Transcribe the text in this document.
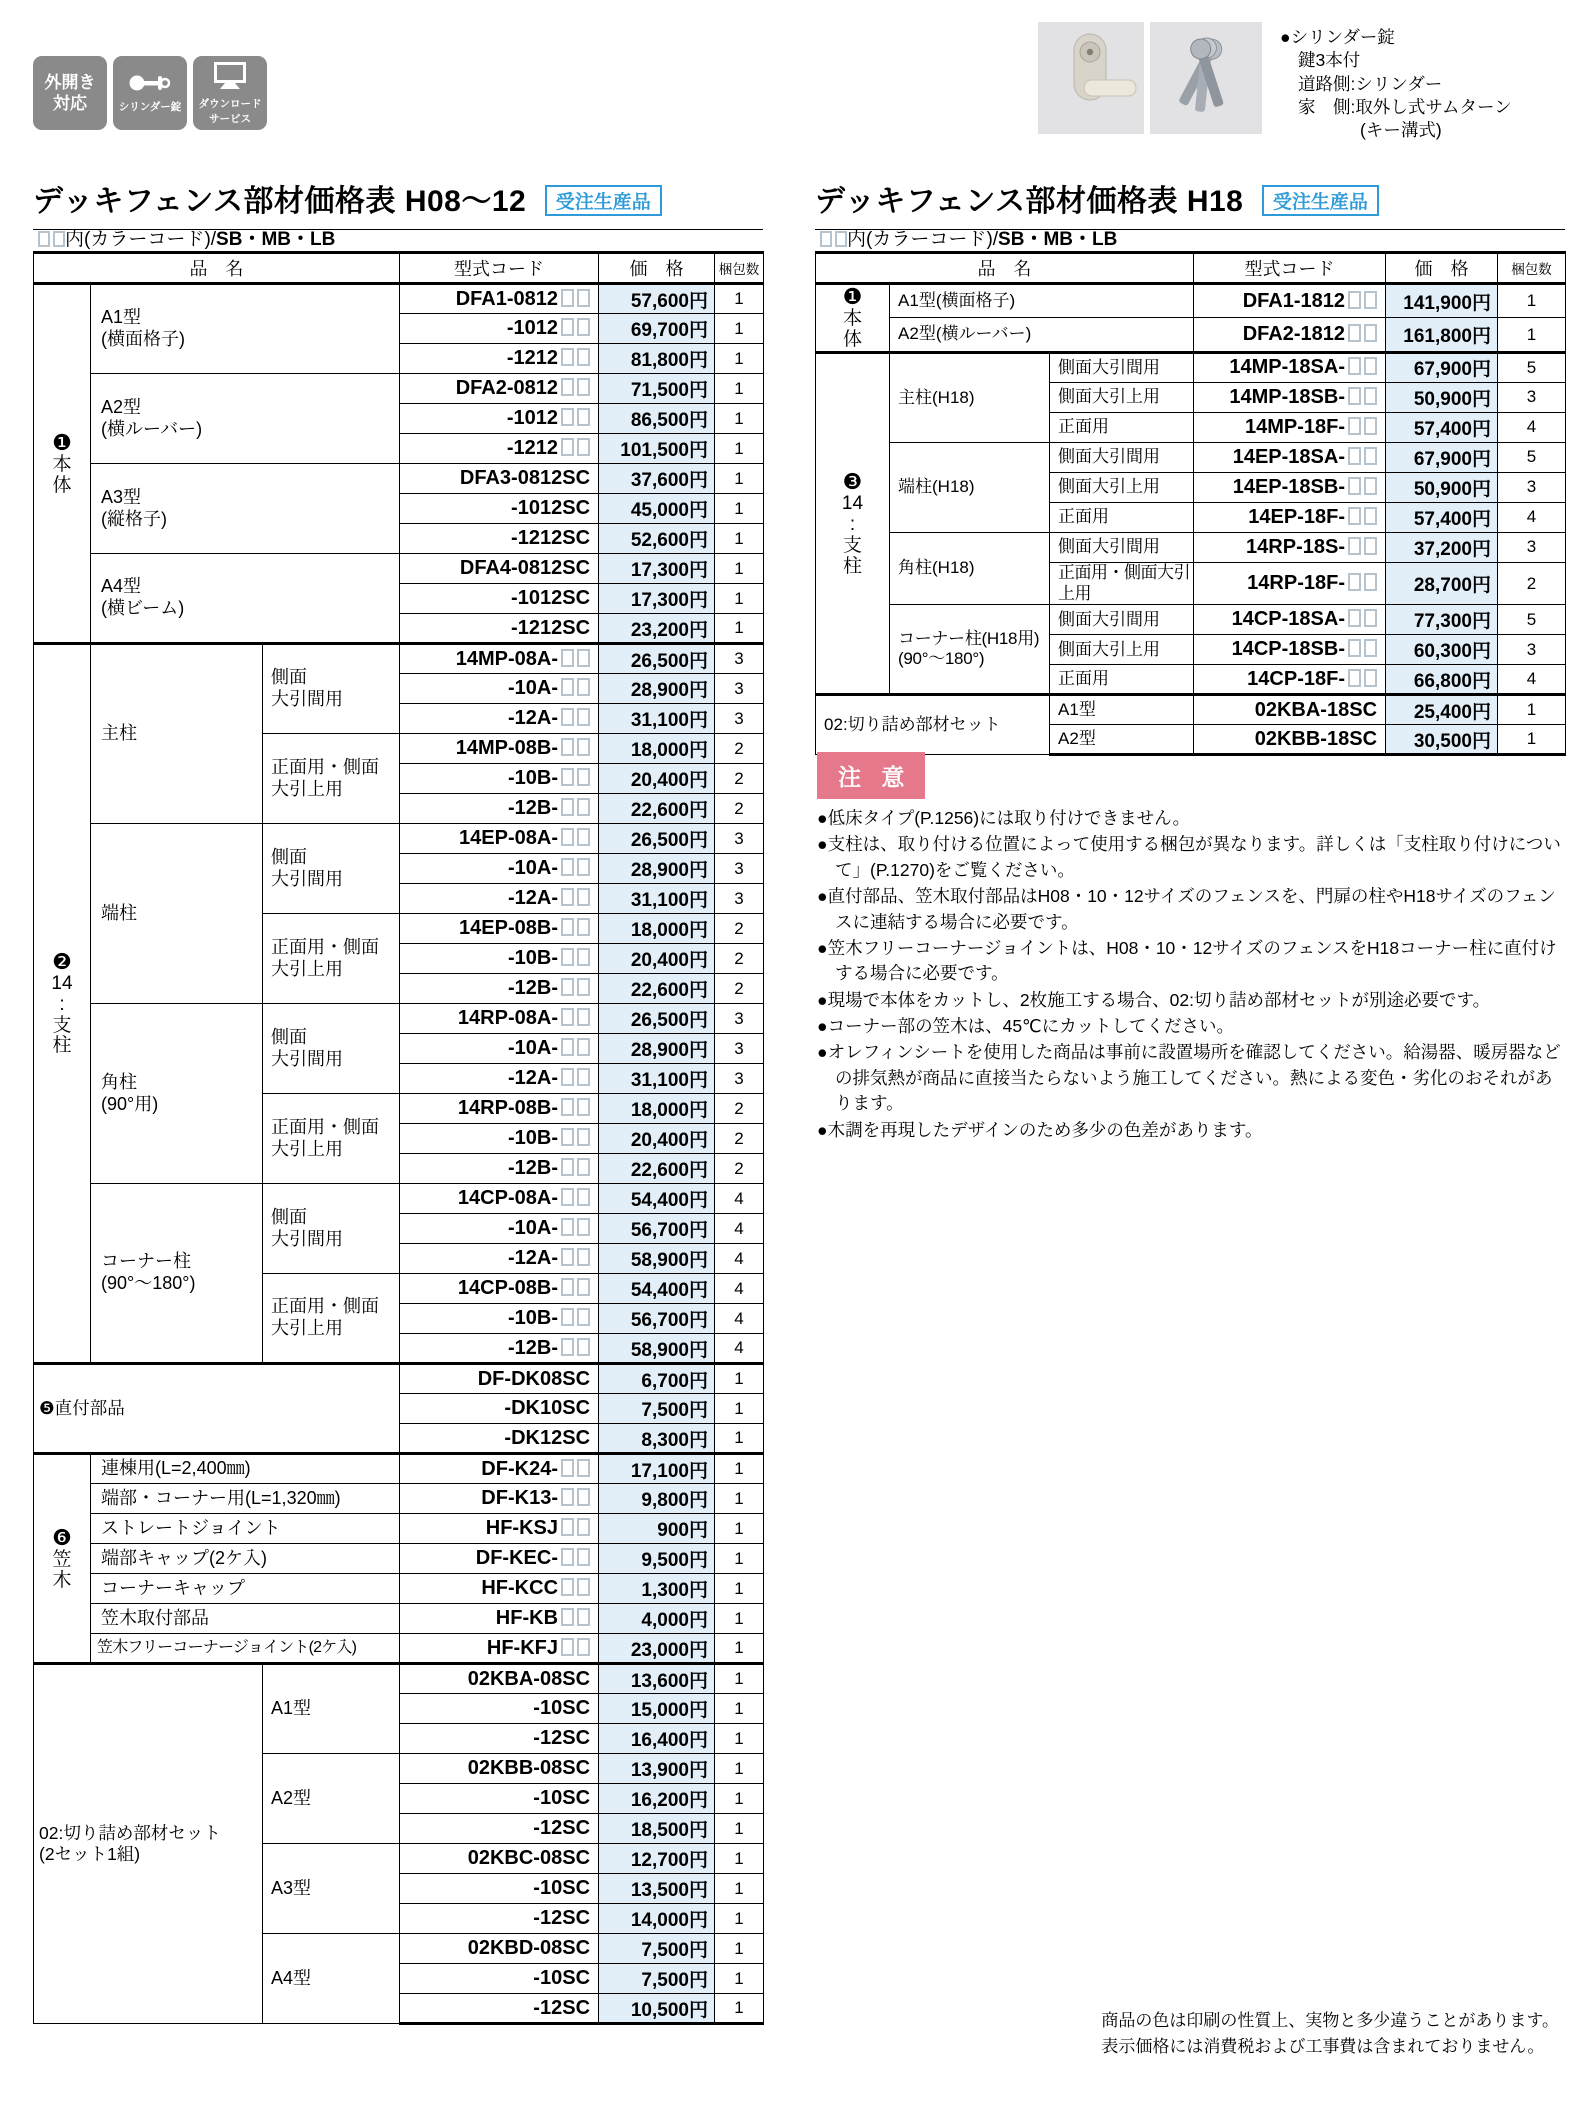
外開き
対応	シリンダー錠 ダウンロード
サービス
デッキフェンス部材価格表 H08〜12 受注生産品
内(カラーコード)/SB・MB・LB
品　 名			型式コード	価　 格	梱包数

❶
本
体

A1型
(横面格子)
	DFA1-0812	57,600円	1
			-1012	69,700円	1
			-1212	81,800円	1

	A2型
(横ルーバー)		DFA2-0812	71,500円	1
			-1012	86,500円	1
			-1212	101,500円	1

	A3型
(縦格子)		DFA3-0812SC	37,600円	1
			-1012SC	45,000円	1
			-1212SC	52,600円	1

	A4型
(横ビーム)		DFA4-0812SC	17,300円	1
			-1012SC	17,300円	1
			-1212SC	23,200円	1

❷
14
:
支
柱
	主柱	
側面
大引間用
	14MP-08A-	26,500円	3
			-10A-	28,900円	3
			-12A-	31,100円	3

		正面用・側面
大引上用	14MP-08B-	18,000円	2
			-10B-	20,400円	2
			-12B-	22,600円	2
	端柱	側面
大引間用	14EP-08A-	26,500円	3
			-10A-	28,900円	3
			-12A-	31,100円	3

		正面用・側面
大引上用	14EP-08B-	18,000円	2
			-10B-	20,400円	2
			-12B-	22,600円	2

角柱
(90°用)

側面
大引間用
	14RP-08A-	26,500円	3
			-10A-	28,900円	3
			-12A-	31,100円	3

		正面用・側面
大引上用	14RP-08B-	18,000円	2
			-10B-	20,400円	2
			-12B-	22,600円	2

コーナー柱
(90°〜180°)

側面
大引間用
	14CP-08A-	54,400円	4
			-10A-	56,700円	4
			-12A-	58,900円	4

		正面用・側面
大引上用	14CP-08B-	54,400円	4
			-10B-	56,700円	4
			-12B-	58,900円	4
❺直付部品			DF-DK08SC	6,700円	1
			-DK10SC	7,500円	1
			-DK12SC	8,300円	1

❻
笠
木	連棟用(L=2,400㎜)		DF-K24-	17,100円	1
	端部・コーナー用(L=1,320㎜)		DF-K13-	9,800円	1
	ストレートジョイント		HF-KSJ	900円	1
	端部キャップ(2ケ入)		DF-KEC-	9,500円	1
	コーナーキャップ		HF-KCC	1,300円	1
	笠木取付部品		HF-KB	4,000円	1
	笠木フリーコーナージョイント(2ケ入)		HF-KFJ	23,000円	1

02:切り詰め部材セット
(2セット1組)		A1型	02KBA-08SC	13,600円	1
			-10SC	15,000円	1
			-12SC	16,400円	1
		A2型	02KBB-08SC	13,900円	1
			-10SC	16,200円	1
			-12SC	18,500円	1
		A3型	02KBC-08SC	12,700円	1
			-10SC	13,500円	1
			-12SC	14,000円	1
		A4型	02KBD-08SC	7,500円	1
			-10SC	7,500円	1
			-12SC	10,500円	1
●シリンダー錠
鍵3本付
道路側:シリンダー
家　 側:取外し式サムターン
(キー溝式)
デッキフェンス部材価格表 H18 受注生産品
内(カラーコード)/SB・MB・LB
品　 名			型式コード	価　 格	梱包数

❶
本
体	A1型(横面格子)		DFA1-1812	141,900円	1
	A2型(横ルーバー)		DFA2-1812	161,800円	1

❸
14
:
支
柱	主柱(H18)	側面大引間用	14MP-18SA-	67,900円	5
		側面大引上用	14MP-18SB-	50,900円	3
		正面用	14MP-18F-	57,400円	4
	端柱(H18)	側面大引間用	14EP-18SA-	67,900円	5
		側面大引上用	14EP-18SB-	50,900円	3
		正面用	14EP-18F-	57,400円	4
	角柱(H18)	側面大引間用	14RP-18S-	37,200円	3
		正面用・側面大引上用	14RP-18F-	28,700円	2

	コーナー柱(H18用)
(90°〜180°)	側面大引間用	14CP-18SA-	77,300円	5
		側面大引上用	14CP-18SB-	60,300円	3
		正面用	14CP-18F-	66,800円	4
02:切り詰め部材セット		A1型	02KBA-18SC	25,400円	1
		A2型	02KBB-18SC	30,500円	1
注 意
●低床タイプ(P.1256)には取り付けできません。
●支柱は、取り付ける位置によって使用する梱包が異なります。詳しくは「支柱取り付けについて」(P.1270)をご覧ください。
●直付部品、笠木取付部品はH08・10・12サイズのフェンスを、門扉の柱やH18サイズのフェンスに連結する場合に必要です。
●笠木フリーコーナージョイントは、H08・10・12サイズのフェンスをH18コーナー柱に直付けする場合に必要です。
●現場で本体をカットし、2枚施工する場合、02:切り詰め部材セットが別途必要です。
●コーナー部の笠木は、45℃にカットしてください。
●オレフィンシートを使用した商品は事前に設置場所を確認してください。給湯器、暖房器などの排気熱が商品に直接当たらないよう施工してください。熱による変色・劣化のおそれがあります。
●木調を再現したデザインのため多少の色差があります。
商品の色は印刷の性質上、実物と多少違うことがあります。
表示価格には消費税および工事費は含まれておりません。
